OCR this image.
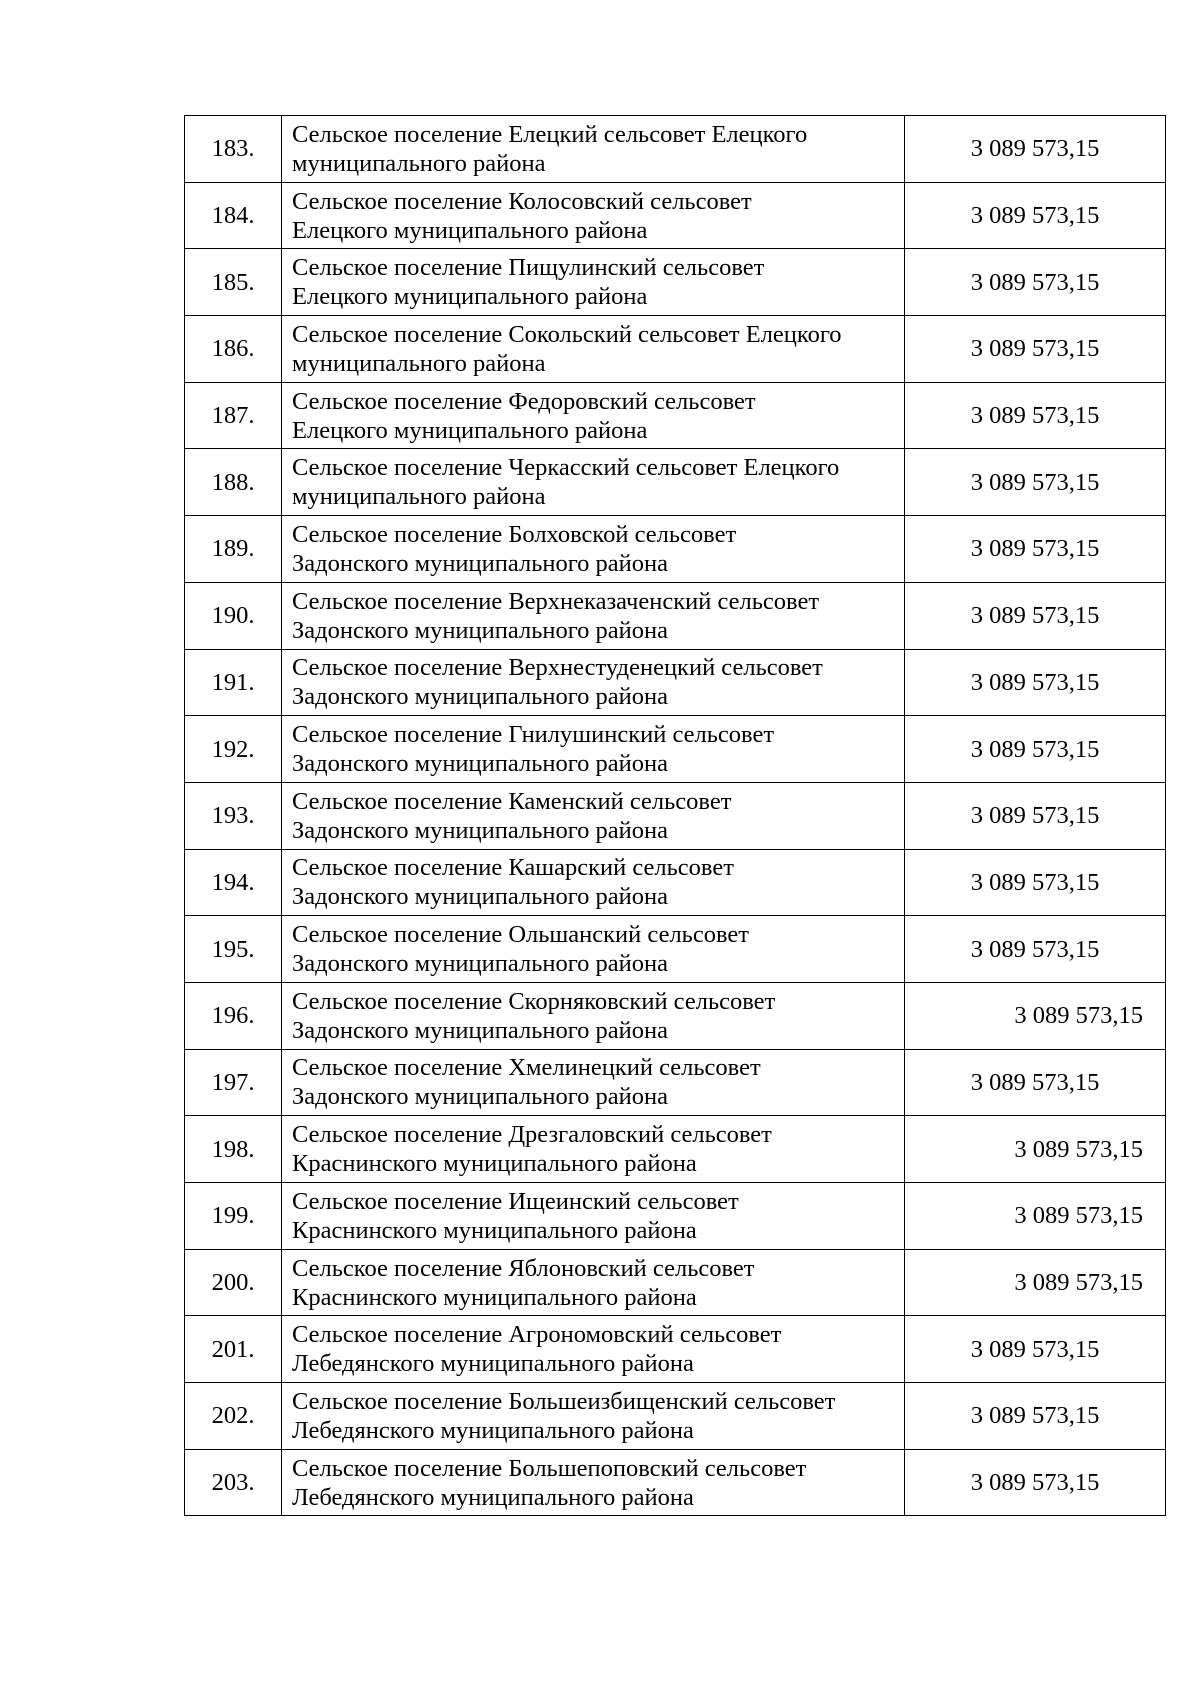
183.	Сельское поселение Елецкий сельсовет Елецкого
муниципального района	3 089 573,15
184.	Сельское поселение Колосовский сельсовет
Елецкого муниципального района	3 089 573,15
185.	Сельское поселение Пищулинский сельсовет
Елецкого муниципального района	3 089 573,15
186.	Сельское поселение Сокольский сельсовет Елецкого
муниципального района	3 089 573,15
187.	Сельское поселение Федоровский сельсовет
Елецкого муниципального района	3 089 573,15
188.	Сельское поселение Черкасский сельсовет Елецкого
муниципального района	3 089 573,15
189.	Сельское поселение Болховской сельсовет
Задонского муниципального района	3 089 573,15
190.	Сельское поселение Верхнеказаченский сельсовет
Задонского муниципального района	3 089 573,15
191.	Сельское поселение Верхнестуденецкий сельсовет
Задонского муниципального района	3 089 573,15
192.	Сельское поселение Гнилушинский сельсовет
Задонского муниципального района	3 089 573,15
193.	Сельское поселение Каменский сельсовет
Задонского муниципального района	3 089 573,15
194.	Сельское поселение Кашарский сельсовет
Задонского муниципального района	3 089 573,15
195.	Сельское поселение Ольшанский сельсовет
Задонского муниципального района	3 089 573,15
196.	Сельское поселение Скорняковский сельсовет
Задонского муниципального района	3 089 573,15
197.	Сельское поселение Хмелинецкий сельсовет
Задонского муниципального района	3 089 573,15
198.	Сельское поселение Дрезгаловский сельсовет
Краснинского муниципального района	3 089 573,15
199.	Сельское поселение Ищеинский сельсовет
Краснинского муниципального района	3 089 573,15
200.	Сельское поселение Яблоновский сельсовет
Краснинского муниципального района	3 089 573,15
201.	Сельское поселение Агрономовский сельсовет
Лебедянского муниципального района	3 089 573,15
202.	Сельское поселение Большеизбищенский сельсовет
Лебедянского муниципального района	3 089 573,15
203.	Сельское поселение Большепоповский сельсовет
Лебедянского муниципального района	3 089 573,15
